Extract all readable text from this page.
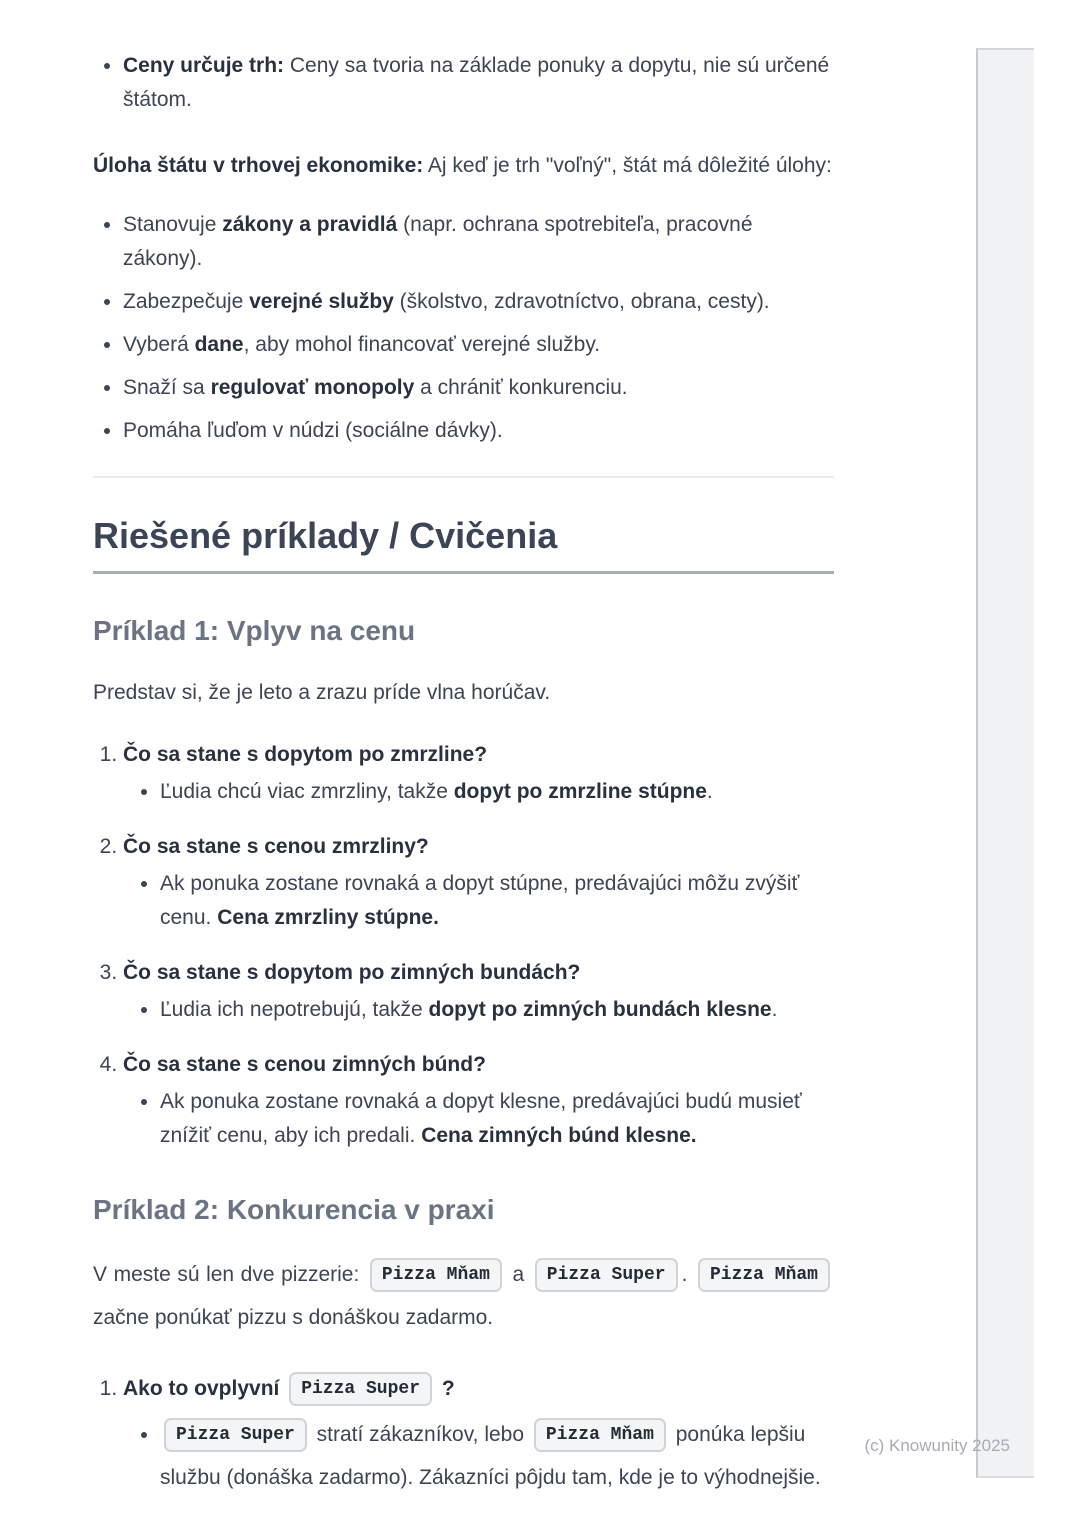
• Ceny určuje trh: Ceny sa tvoria na základe ponuky a dopytu, nie sú určené štátom.

Úloha štátu v trhovej ekonomike: Aj keď je trh "voľný", štát má dôležité úlohy:

• Stanovuje zákony a pravidlá (napr. ochrana spotrebiteľa, pracovné zákony).
• Zabezpečuje verejné služby (školstvo, zdravotníctvo, obrana, cesty).
• Vyberá dane, aby mohol financovať verejné služby.
• Snaží sa regulovať monopoly a chrániť konkurenciu.
• Pomáha ľuďom v núdzi (sociálne dávky).
Riešené príklady / Cvičenia
Príklad 1: Vplyv na cenu

Predstav si, že je leto a zrazu príde vlna horúčav.

1. Čo sa stane s dopytom po zmrzline?
• Ľudia chcú viac zmrzliny, takže dopyt po zmrzline stúpne.
2. Čo sa stane s cenou zmrzliny?
• Ak ponuka zostane rovnaká a dopyt stúpne, predávajúci môžu zvýšiť cenu. Cena zmrzliny stúpne.
3. Čo sa stane s dopytom po zimných bundách?
• Ľudia ich nepotrebujú, takže dopyt po zimných bundách klesne.
4. Čo sa stane s cenou zimných búnd?
• Ak ponuka zostane rovnaká a dopyt klesne, predávajúci budú musieť znížiť cenu, aby ich predali. Cena zimných búnd klesne.
Príklad 2: Konkurencia v praxi

V meste sú len dve pizzerie: Pizza Mňam a Pizza Super . Pizza Mňam začne ponúkať pizzu s donáškou zadarmo.

1. Ako to ovplyvní Pizza Super ?
• Pizza Super stratí zákazníkov, lebo Pizza Mňam ponúka lepšiu službu (donáška zadarmo). Zákazníci pôjdu tam, kde je to výhodnejšie.
(c) Knowunity 2025
